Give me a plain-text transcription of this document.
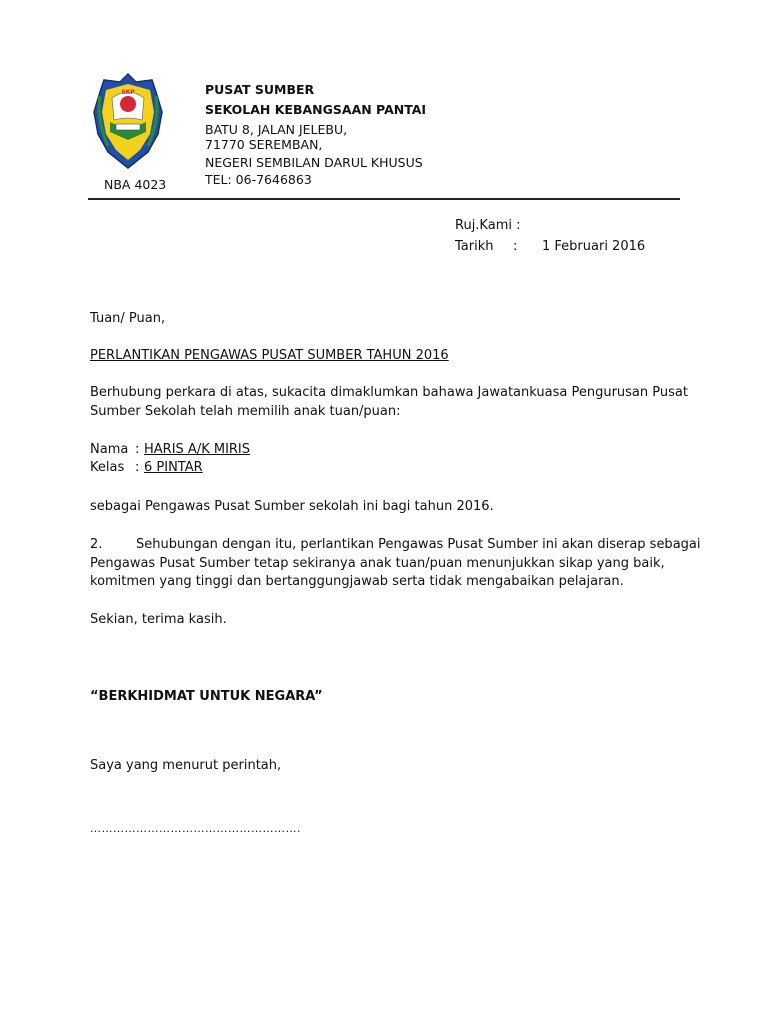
SKP
NBA 4023
PUSAT SUMBER
SEKOLAH KEBANGSAAN PANTAI
BATU 8, JALAN JELEBU,
71770 SEREMBAN,
NEGERI SEMBILAN DARUL KHUSUS
TEL: 06-7646863
Ruj.Kami :
Tarikh : 1 Februari 2016
Tuan/ Puan,
PERLANTIKAN PENGAWAS PUSAT SUMBER TAHUN 2016
Berhubung perkara di atas, sukacita dimaklumkan bahawa Jawatankuasa Pengurusan Pusat
Sumber Sekolah telah memilih anak tuan/puan:
Nama : HARIS A/K MIRIS
Kelas : 6 PINTAR
sebagai Pengawas Pusat Sumber sekolah ini bagi tahun 2016.
2.	Sehubungan dengan itu, perlantikan Pengawas Pusat Sumber ini akan diserap sebagai
Pengawas Pusat Sumber tetap sekiranya anak tuan/puan menunjukkan sikap yang baik,
komitmen yang tinggi dan bertanggungjawab serta tidak mengabaikan pelajaran.
Sekian, terima kasih.
“BERKHIDMAT UNTUK NEGARA”
Saya yang menurut perintah,
……………………………………………….
